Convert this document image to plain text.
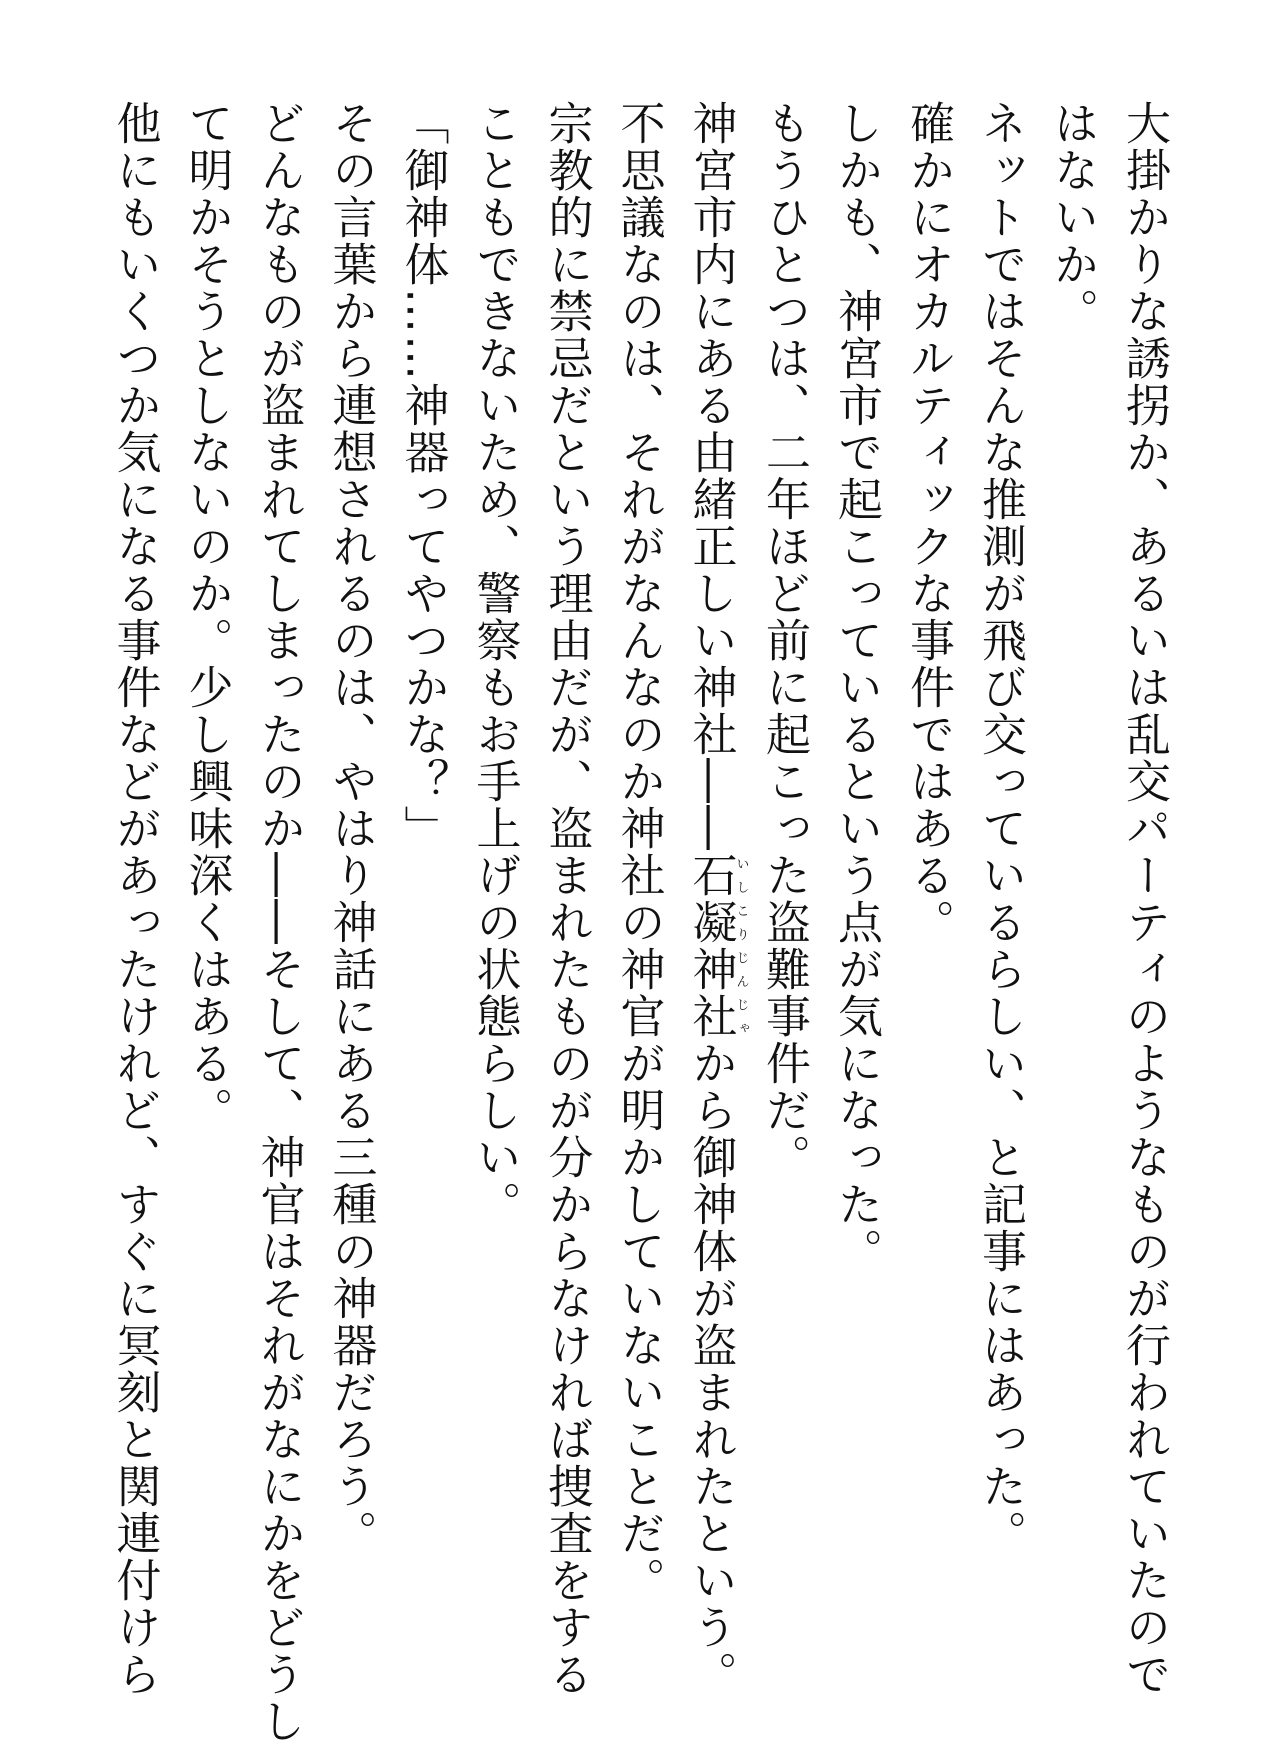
大掛かりな誘拐か、あるいは乱交パーティのようなものが行われていたので
はないか。
ネットではそんな推測が飛び交っているらしい、と記事にはあった。
確かにオカルティックな事件ではある。
しかも、神宮市で起こっているという点が気になった。
もうひとつは、二年ほど前に起こった盗難事件だ。
神宮市内にある由緒正しい神社――石凝神社いしこりじんじゃから御神体が盗まれたという。
不思議なのは、それがなんなのか神社の神官が明かしていないことだ。
宗教的に禁忌だという理由だが、盗まれたものが分からなければ捜査をする
こともできないため、警察もお手上げの状態らしい。
「御神体……神器ってやつかな？」
その言葉から連想されるのは、やはり神話にある三種の神器だろう。
どんなものが盗まれてしまったのか――そして、神官はそれがなにかをどうし
て明かそうとしないのか。少し興味深くはある。
他にもいくつか気になる事件などがあったけれど、すぐに冥刻と関連付けら
